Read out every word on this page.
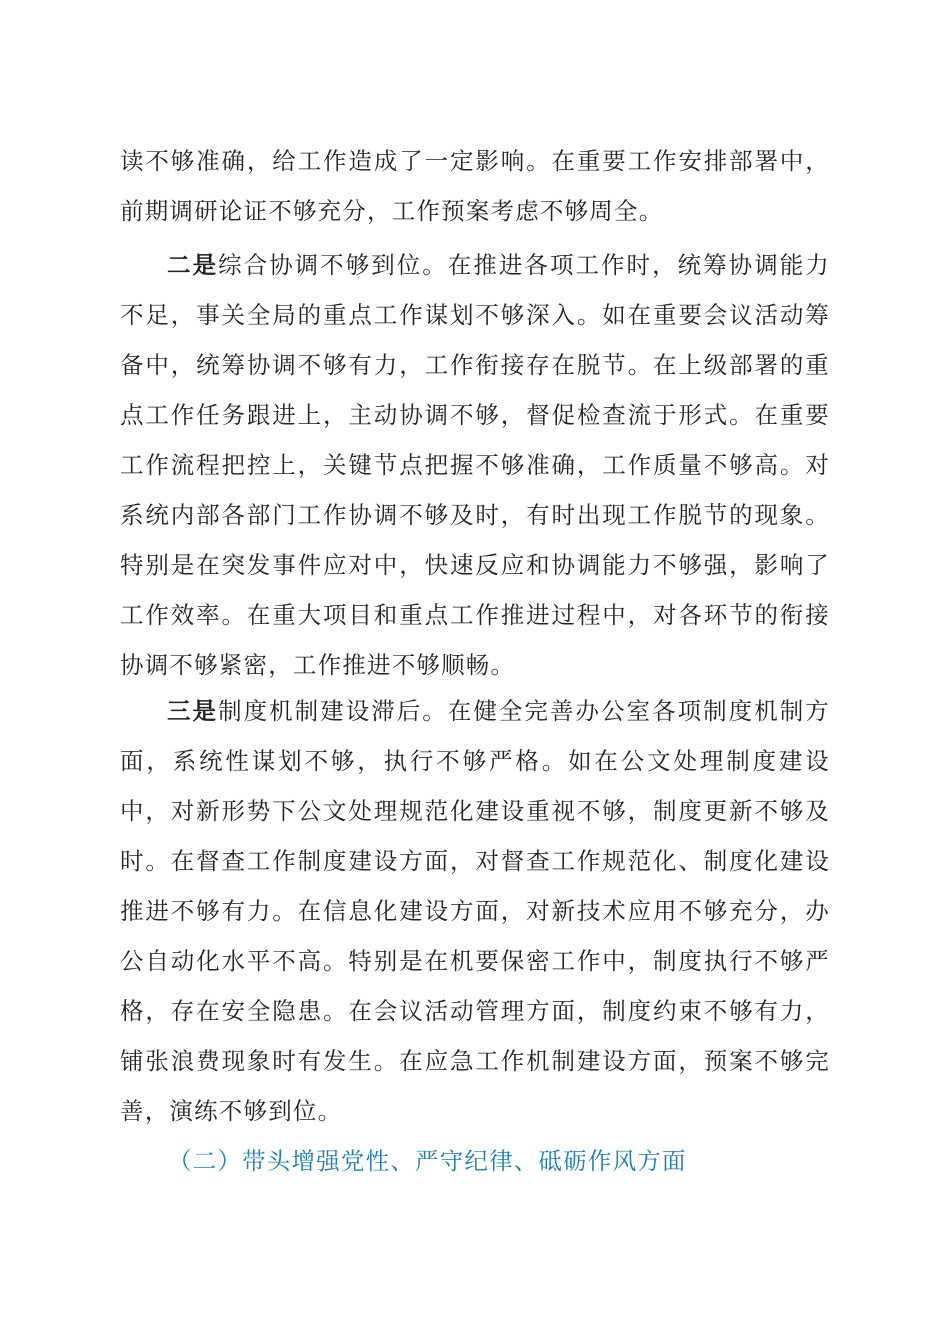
读不够准确，给工作造成了一定影响。在重要工作安排部署中，前期调研论证不够充分，工作预案考虑不够周全。

二是综合协调不够到位。在推进各项工作时，统筹协调能力不足，事关全局的重点工作谋划不够深入。如在重要会议活动筹备中，统筹协调不够有力，工作衔接存在脱节。在上级部署的重点工作任务跟进上，主动协调不够，督促检查流于形式。在重要工作流程把控上，关键节点把握不够准确，工作质量不够高。对系统内部各部门工作协调不够及时，有时出现工作脱节的现象。特别是在突发事件应对中，快速反应和协调能力不够强，影响了工作效率。在重大项目和重点工作推进过程中，对各环节的衔接协调不够紧密，工作推进不够顺畅。

三是制度机制建设滞后。在健全完善办公室各项制度机制方面，系统性谋划不够，执行不够严格。如在公文处理制度建设中，对新形势下公文处理规范化建设重视不够，制度更新不够及时。在督查工作制度建设方面，对督查工作规范化、制度化建设推进不够有力。在信息化建设方面，对新技术应用不够充分，办公自动化水平不高。特别是在机要保密工作中，制度执行不够严格，存在安全隐患。在会议活动管理方面，制度约束不够有力，铺张浪费现象时有发生。在应急工作机制建设方面，预案不够完善，演练不够到位。

（二）带头增强党性、严守纪律、砥砺作风方面
